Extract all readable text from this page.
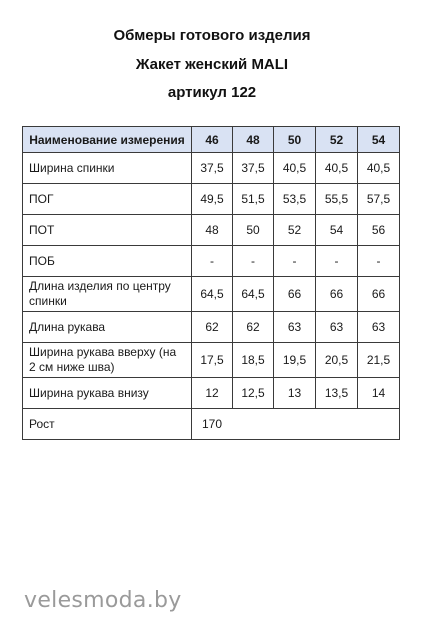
Обмеры готового изделия
Жакет женский MALI
артикул 122
Наименование измерения	46	48	50	52	54
Ширина спинки	37,5	37,5	40,5	40,5	40,5
ПОГ	49,5	51,5	53,5	55,5	57,5
ПОТ	48	50	52	54	56
ПОБ	-	-	-	-	-
Длина изделия по центру спинки	64,5	64,5	66	66	66
Длина рукава	62	62	63	63	63
Ширина рукава вверху (на 2 см ниже шва)	17,5	18,5	19,5	20,5	21,5
Ширина рукава внизу	12	12,5	13	13,5	14
Рост	170				
velesmoda.by
